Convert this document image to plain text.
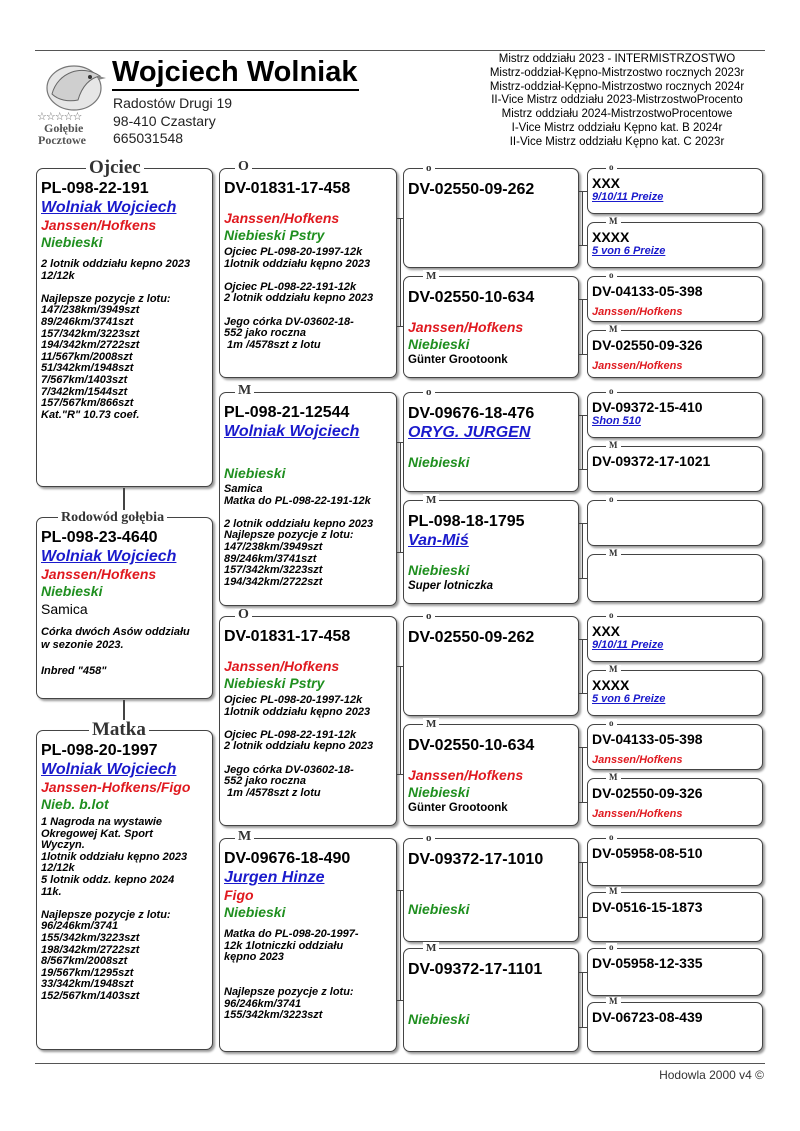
☆☆☆☆☆
Gołębie
Pocztowe
Wojciech Wolniak
Radostów Drugi 19
98-410 Czastary
665031548
Mistrz oddziału 2023 - INTERMISTRZOSTWO
Mistrz-oddział-Kępno-Mistrzostwo rocznych 2023r
Mistrz-oddział-Kępno-Mistrzostwo rocznych 2024r
II-Vice Mistrz oddziału 2023-MistrzostwoProcento
Mistrz oddziału 2024-MistrzostwoProcentowe
I-Vice Mistrz oddziału Kępno kat. B 2024r
II-Vice Mistrz oddziału Kępno kat. C 2023r
PL-098-22-191
Wolniak Wojciech
Janssen/Hofkens
Niebieski
2 lotnik oddziału kepno 2023
12/12k

Najlepsze pozycje z lotu:
147/238km/3949szt
89/246km/3741szt
157/342km/3223szt
194/342km/2722szt
11/567km/2008szt
51/342km/1948szt
7/567km/1403szt
7/342km/1544szt
157/567km/866szt
Kat."R" 10.73 coef.
Ojciec
PL-098-23-4640
Wolniak Wojciech
Janssen/Hofkens
Niebieski
Samica
Córka dwóch Asów oddziału
w sezonie 2023.

Inbred "458"
Rodowód gołębia
PL-098-20-1997
Wolniak Wojciech
Janssen-Hofkens/Figo
Nieb. b.lot
1 Nagroda na wystawie
Okregowej Kat. Sport
Wyczyn.
1lotnik oddziału kępno 2023
12/12k
5 lotnik oddz. kepno 2024
11k.

Najlepsze pozycje z lotu:
96/246km/3741
155/342km/3223szt
198/342km/2722szt
8/567km/2008szt
19/567km/1295szt
33/342km/1948szt
152/567km/1403szt
Matka
DV-01831-17-458
Janssen/Hofkens
Niebieski Pstry
Ojciec PL-098-20-1997-12k
1lotnik oddziału kępno 2023

Ojciec PL-098-22-191-12k
2 lotnik oddziału kepno 2023

Jego córka DV-03602-18-
552 jako roczna
1m /4578szt z lotu
O
PL-098-21-12544
Wolniak Wojciech
Niebieski
Samica
Matka do PL-098-22-191-12k

2 lotnik oddziału kepno 2023
Najlepsze pozycje z lotu:
147/238km/3949szt
89/246km/3741szt
157/342km/3223szt
194/342km/2722szt
M
DV-01831-17-458
Janssen/Hofkens
Niebieski Pstry
Ojciec PL-098-20-1997-12k
1lotnik oddziału kępno 2023

Ojciec PL-098-22-191-12k
2 lotnik oddziału kepno 2023

Jego córka DV-03602-18-
552 jako roczna
1m /4578szt z lotu
O
DV-09676-18-490
Jurgen Hinze
Figo
Niebieski
Matka do PL-098-20-1997-
12k 1lotniczki oddziału
kępno 2023

Najlepsze pozycje z lotu:
96/246km/3741
155/342km/3223szt
M
DV-02550-09-262
o
DV-02550-10-634
Janssen/Hofkens
Niebieski
Günter Grootoonk
M
DV-09676-18-476
ORYG. JURGEN
Niebieski
o
PL-098-18-1795
Van-Miś
Niebieski
Super lotniczka
M
DV-02550-09-262
o
DV-02550-10-634
Janssen/Hofkens
Niebieski
Günter Grootoonk
M
DV-09372-17-1010
Niebieski
o
DV-09372-17-1101
Niebieski
M
XXX
9/10/11 Preize
o
XXXX
5 von 6 Preize
M
DV-04133-05-398
Janssen/Hofkens
o
DV-02550-09-326
Janssen/Hofkens
M
DV-09372-15-410
Shon 510
o
DV-09372-17-1021
M
o
M
XXX
9/10/11 Preize
o
XXXX
5 von 6 Preize
M
DV-04133-05-398
Janssen/Hofkens
o
DV-02550-09-326
Janssen/Hofkens
M
DV-05958-08-510
o
DV-0516-15-1873
M
DV-05958-12-335
o
DV-06723-08-439
M
Hodowla 2000 v4 ©
